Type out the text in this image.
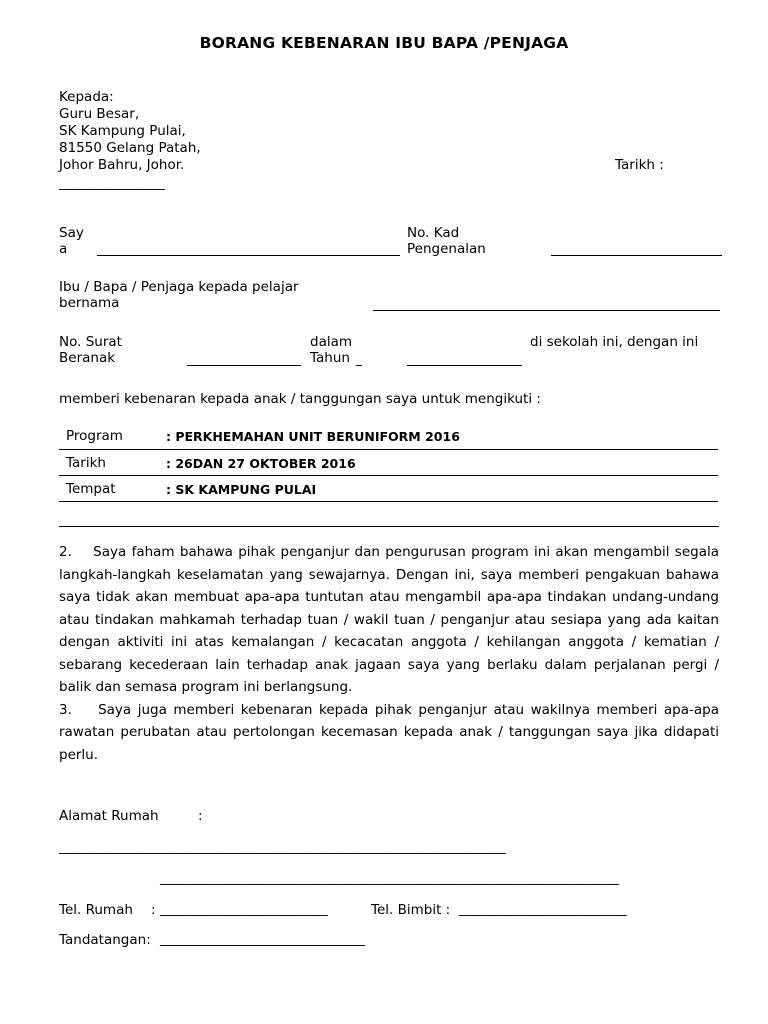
BORANG KEBENARAN IBU BAPA /PENJAGA
Kepada:
Guru Besar,
SK Kampung Pulai,
81550 Gelang Patah,
Johor Bahru, Johor.	Tarikh :
_________________
Say
a
No. Kad
Pengenalan
Ibu / Bapa / Penjaga kepada pelajar
bernama
No. Surat
Beranak
dalam
Tahun
di sekolah ini, dengan ini
memberi kebenaran kepada anak / tanggungan saya untuk mengikuti :
Program	: PERKHEMAHAN UNIT BERUNIFORM 2016
Tarikh	: 26DAN 27 OKTOBER 2016
Tempat	: SK KAMPUNG PULAI

2.    Saya faham bahawa pihak penganjur dan pengurusan program ini akan mengambil segala langkah-langkah keselamatan yang sewajarnya. Dengan ini, saya memberi pengakuan bahawa saya tidak akan membuat apa-apa tuntutan atau mengambil apa-apa tindakan undang-undang atau tindakan mahkamah terhadap tuan / wakil tuan / penganjur atau sesiapa yang ada kaitan dengan aktiviti ini atas kemalangan / kecacatan anggota / kehilangan anggota / kematian / sebarang kecederaan lain terhadap anak jagaan saya yang berlaku dalam perjalanan pergi / balik dan semasa program ini berlangsung.

3.    Saya juga memberi kebenaran kepada pihak penganjur atau wakilnya memberi apa-apa rawatan perubatan atau pertolongan kecemasan kepada anak / tanggungan saya jika didapati perlu.

Alamat Rumah	:
________________________________________________________________________
__________________________________________________________________________
Tel. Rumah : ___________________________	Tel. Bimbit : ___________________________
Tandatangan: _________________________________
